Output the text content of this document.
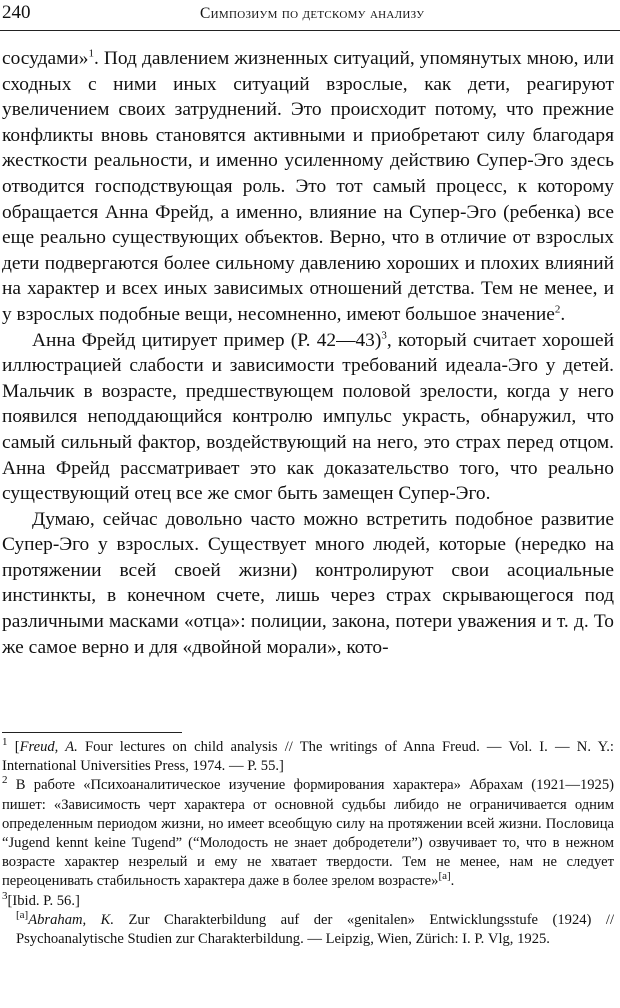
240	Симпозиум по детскому анализу

сосудами»$^1$. Под давлением жизненных ситуаций, упомянутых мною, или сходных с ними иных ситуаций взрослые, как дети, реагируют увеличением своих затруднений. Это происходит потому, что прежние конфликты вновь становятся активными и приобретают силу благодаря жесткости реальности, и именно усиленному действию Супер-Эго здесь отводится господствующая роль. Это тот самый процесс, к которому обращается Анна Фрейд, а именно, влияние на Супер-Эго (ребенка) все еще реально существующих объектов. Верно, что в отличие от взрослых дети подвергаются более сильному давлению хороших и плохих влияний на характер и всех иных зависимых отношений детства. Тем не менее, и у взрослых подобные вещи, несомненно, имеют большое значение$^2$.

Анна Фрейд цитирует пример (Р. 42—43)$^3$, который считает хорошей иллюстрацией слабости и зависимости требований идеала-Эго у детей. Мальчик в возрасте, предшествующем половой зрелости, когда у него появился неподдающийся контролю импульс украсть, обнаружил, что самый сильный фактор, воздействующий на него, это страх перед отцом. Анна Фрейд рассматривает это как доказательство того, что реально существующий отец все же смог быть замещен Супер-Эго.

Думаю, сейчас довольно часто можно встретить подобное развитие Супер-Эго у взрослых. Существует много людей, которые (нередко на протяжении всей своей жизни) контролируют свои асоциальные инстинкты, в конечном счете, лишь через страх скрывающегося под различными масками «отца»: полиции, закона, потери уважения и т. д. То же самое верно и для «двойной морали», кото-

$^1$ [Freud, A. Four lectures on child analysis // The writings of Anna Freud. — Vol. I. — N. Y.: International Universities Press, 1974. — Р. 55.]

$^2$ В работе «Психоаналитическое изучение формирования характера» Абрахам (1921—1925) пишет: «Зависимость черт характера от основной судьбы либидо не ограничивается одним определенным периодом жизни, но имеет всеобщую силу на протяжении всей жизни. Пословица “Jugend kennt keine Tugend” (“Молодость не знает добродетели”) озвучивает то, что в нежном возрасте характер незрелый и ему не хватает твердости. Тем не менее, нам не следует переоценивать стабильность характера даже в более зрелом возрасте»[a].

$^3$[Ibid. Р. 56.]

[a]Abraham, K. Zur Charakterbildung auf der «genitalen» Entwicklungsstufe (1924) // Psychoanalytische Studien zur Charakterbildung. — Leipzig, Wien, Zürich: I. Р. Vlg, 1925.
